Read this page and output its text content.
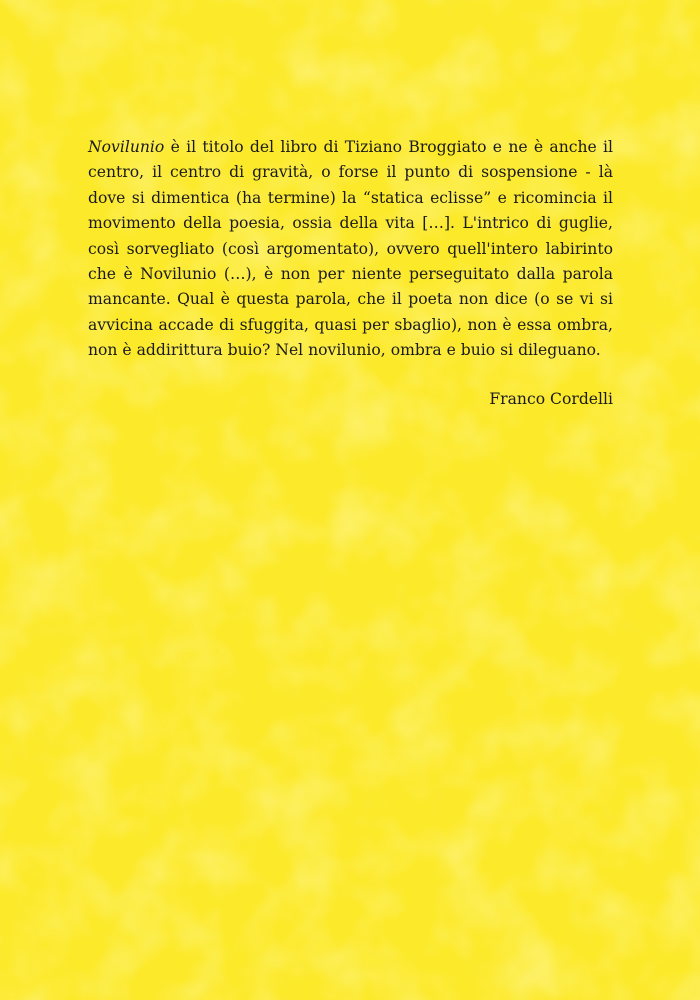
Novilunio è il titolo del libro di Tiziano Broggiato e ne è anche il centro, il centro di gravità, o forse il punto di sospensione - là dove si dimentica (ha termine) la “statica eclisse” e ricomincia il movimento della poesia, ossia della vita […]. L'intrico di guglie, così sorvegliato (così argomentato), ovvero quell'intero labirinto che è Novilunio (…), è non per niente perseguitato dalla parola mancante. Qual è questa parola, che il poeta non dice (o se vi si avvicina accade di sfuggita, quasi per sbaglio), non è essa ombra, non è addirittura buio? Nel novilunio, ombra e buio si dileguano.

Franco Cordelli
